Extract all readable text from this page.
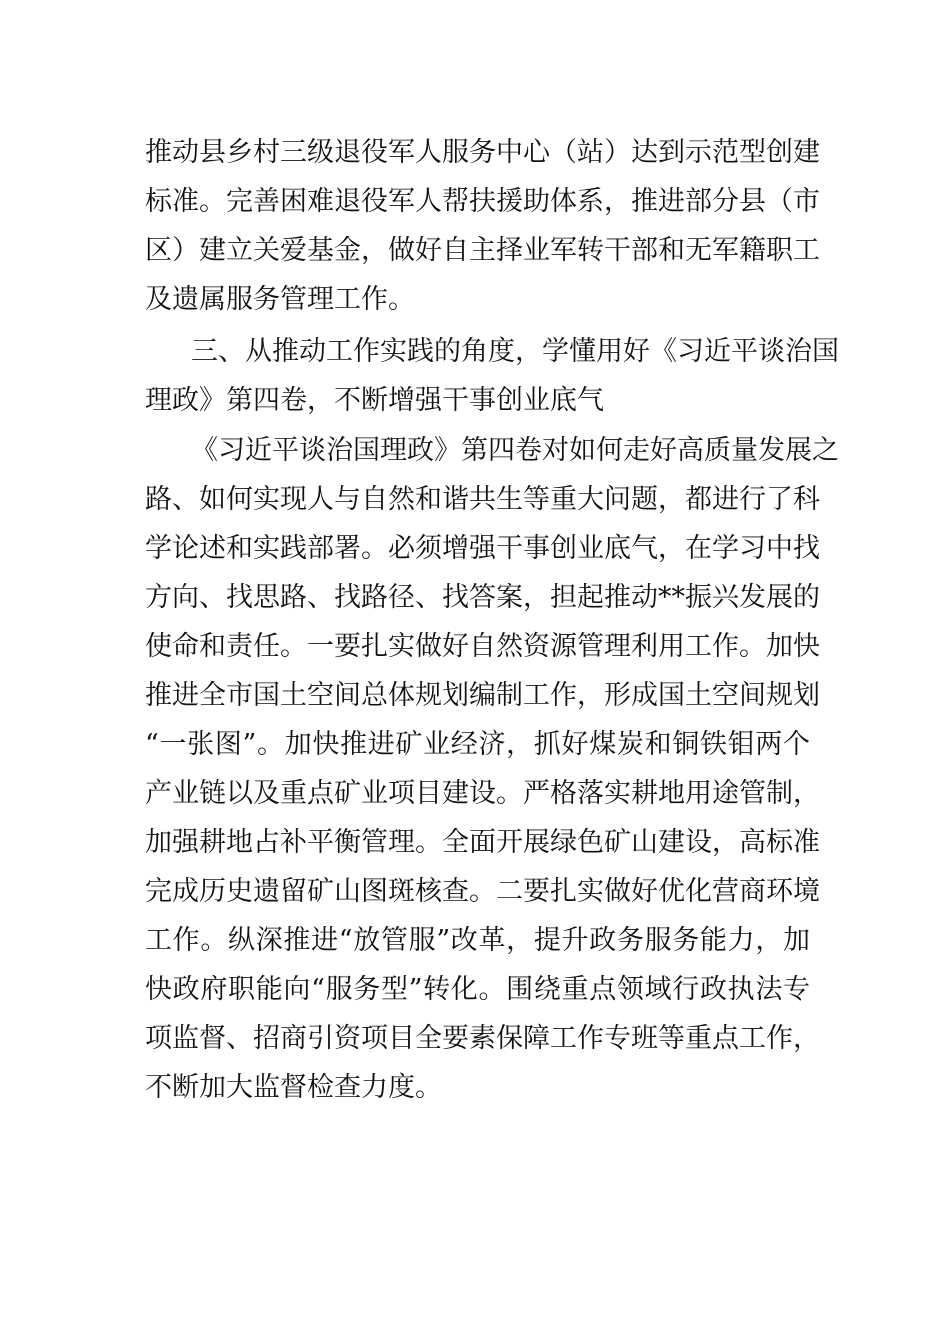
推动县乡村三级退役军人服务中心（站）达到示范型创建
标准。完善困难退役军人帮扶援助体系，推进部分县（市
区）建立关爱基金，做好自主择业军转干部和无军籍职工
及遗属服务管理工作。
三、从推动工作实践的角度，学懂用好《习近平谈治国
理政》第四卷，不断增强干事创业底气
《习近平谈治国理政》第四卷对如何走好高质量发展之
路、如何实现人与自然和谐共生等重大问题，都进行了科
学论述和实践部署。必须增强干事创业底气，在学习中找
方向、找思路、找路径、找答案，担起推动**振兴发展的
使命和责任。一要扎实做好自然资源管理利用工作。加快
推进全市国土空间总体规划编制工作，形成国土空间规划
“一张图”。加快推进矿业经济，抓好煤炭和铜铁钼两个
产业链以及重点矿业项目建设。严格落实耕地用途管制，
加强耕地占补平衡管理。全面开展绿色矿山建设，高标准
完成历史遗留矿山图斑核查。二要扎实做好优化营商环境
工作。纵深推进“放管服”改革，提升政务服务能力，加
快政府职能向“服务型”转化。围绕重点领域行政执法专
项监督、招商引资项目全要素保障工作专班等重点工作，
不断加大监督检查力度。
